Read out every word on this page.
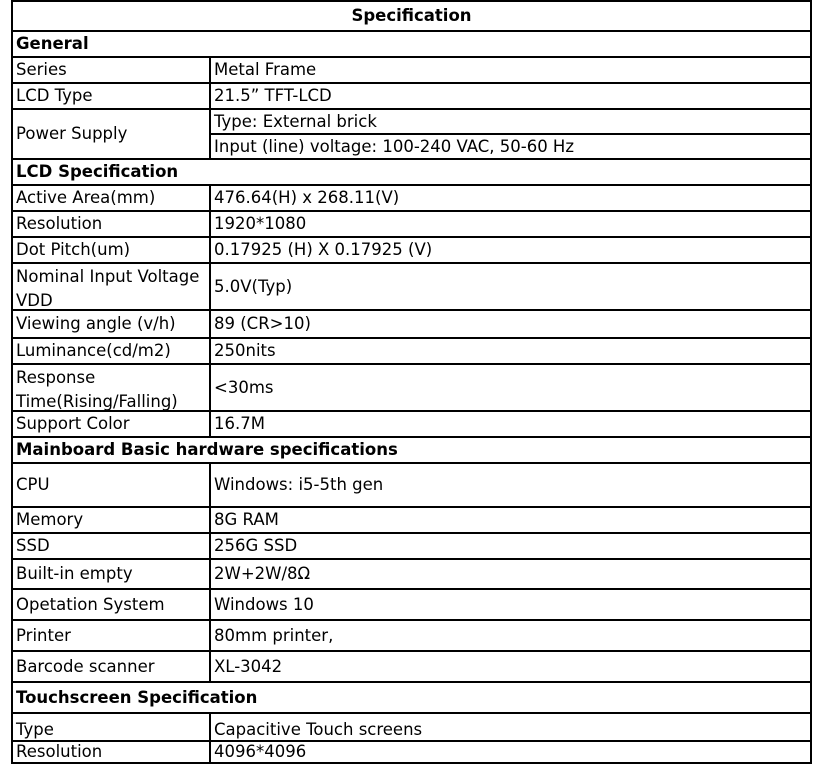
Specification	
General	
Series	Metal Frame
LCD Type	21.5” TFT-LCD
Power Supply	Type: External brick
	Input (line) voltage: 100-240 VAC, 50-60 Hz
LCD Specification	
Active Area(mm)	476.64(H) x 268.11(V)
Resolution	1920*1080
Dot Pitch(um)	0.17925 (H) X 0.17925 (V)

Nominal Input Voltage VDD	5.0V(Typ)
Viewing angle (v/h)	89 (CR>10)
Luminance(cd/m2)	250nits

Response Time(Rising/Falling)	<30ms
Support Color	16.7M
Mainboard Basic hardware specifications	
CPU	Windows: i5-5th gen
Memory	8G RAM
SSD	256G SSD
Built-in empty	2W+2W/8Ω
Opetation System	Windows 10
Printer	80mm printer,
Barcode scanner	XL-3042
Touchscreen Specification	
Type	Capacitive Touch screens
Resolution	4096*4096
